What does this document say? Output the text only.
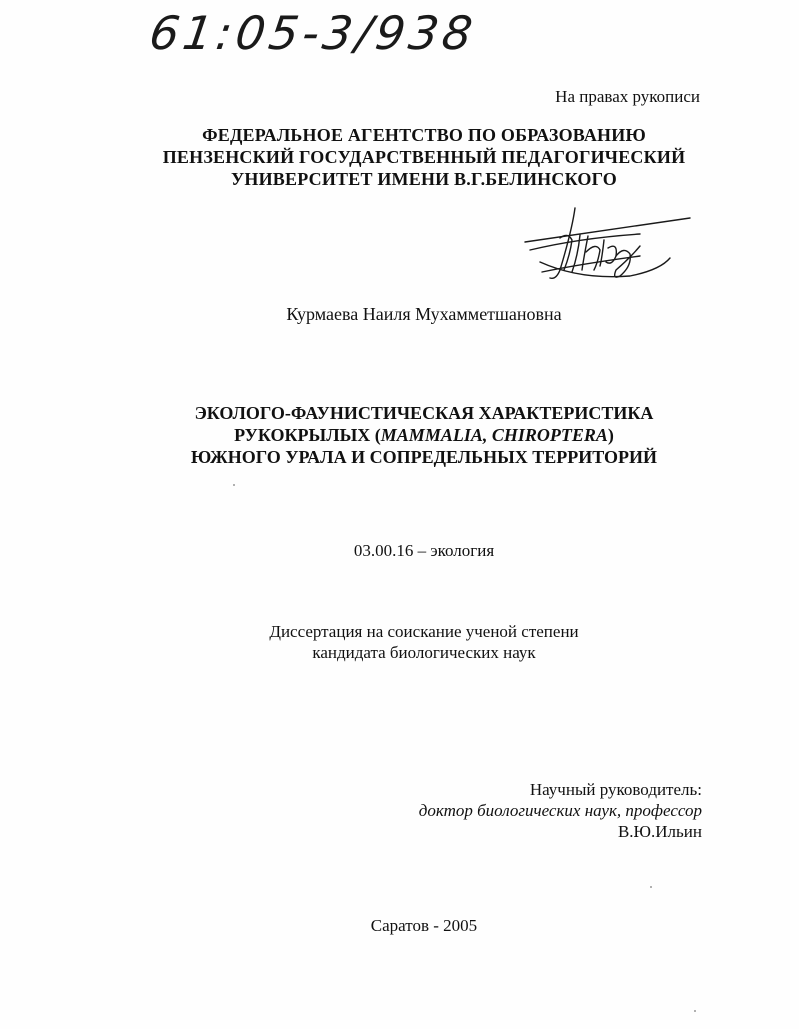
61:05-3/938
На правах рукописи
ФЕДЕРАЛЬНОЕ АГЕНТСТВО ПО ОБРАЗОВАНИЮ
ПЕНЗЕНСКИЙ ГОСУДАРСТВЕННЫЙ ПЕДАГОГИЧЕСКИЙ
УНИВЕРСИТЕТ ИМЕНИ В.Г.БЕЛИНСКОГО
Курмаева Наиля Мухамметшановна
ЭКОЛОГО-ФАУНИСТИЧЕСКАЯ ХАРАКТЕРИСТИКА
РУКОКРЫЛЫХ (MAMMALIA, CHIROPTERA)
ЮЖНОГО УРАЛА И СОПРЕДЕЛЬНЫХ ТЕРРИТОРИЙ
03.00.16 – экология
Диссертация на соискание ученой степени
кандидата биологических наук
Научный руководитель:
доктор биологических наук, профессор
В.Ю.Ильин
Саратов - 2005
